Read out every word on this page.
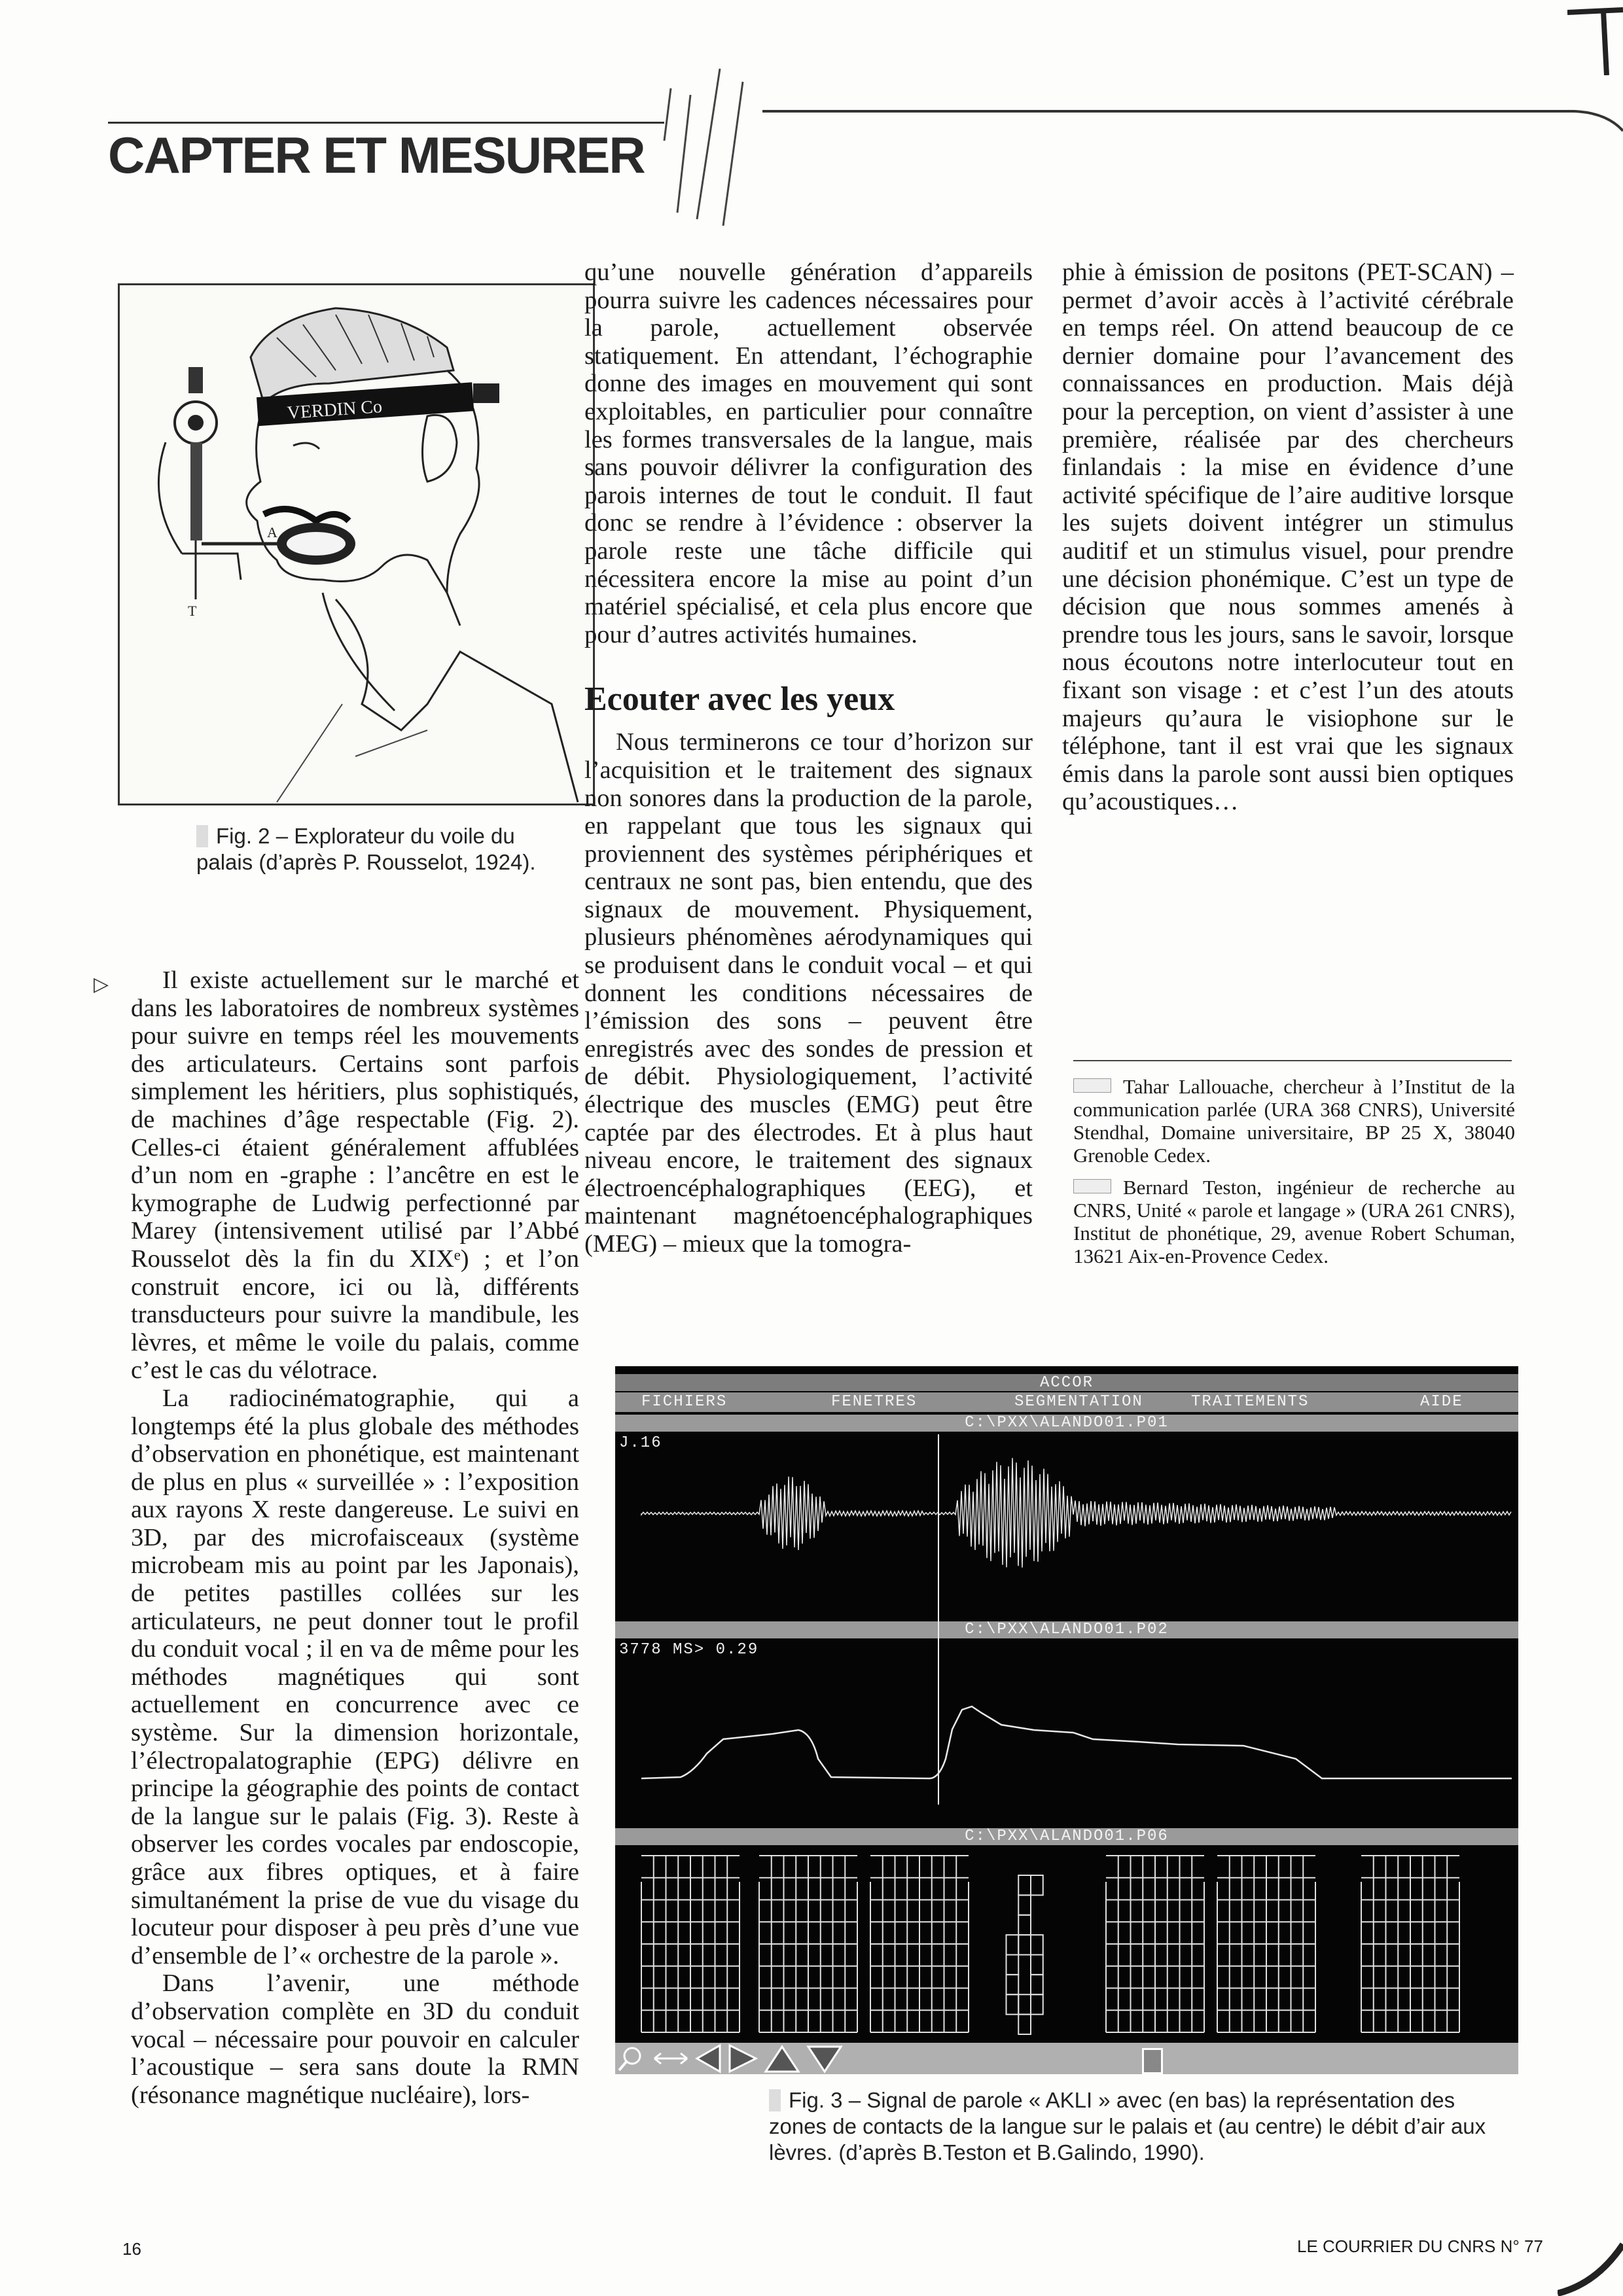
CAPTER ET MESURER
VERDIN Co
A
T
Fig. 2 – Explorateur du voile du palais (d’après P. Rousselot, 1924).
▷	Il existe actuellement sur le marché et dans les laboratoires de nombreux systèmes pour suivre en temps réel les mouvements des articulateurs. Certains sont parfois simplement les héritiers, plus sophistiqués, de machines d’âge respectable (Fig. 2). Celles-ci étaient généralement affublées d’un nom en -graphe : l’ancêtre en est le kymographe de Ludwig perfectionné par Marey (intensivement utilisé par l’Abbé Rousselot dès la fin du XIXᵉ) ; et l’on construit encore, ici ou là, différents transducteurs pour suivre la mandibule, les lèvres, et même le voile du palais, comme c’est le cas du vélotrace.

La radiocinématographie, qui a longtemps été la plus globale des méthodes d’observation en phonétique, est maintenant de plus en plus « surveillée » : l’exposition aux rayons X reste dangereuse. Le suivi en 3D, par des microfaisceaux (système microbeam mis au point par les Japonais), de petites pastilles collées sur les articulateurs, ne peut donner tout le profil du conduit vocal ; il en va de même pour les méthodes magnétiques qui sont actuellement en concurrence avec ce système. Sur la dimension horizontale, l’électropalatographie (EPG) délivre en principe la géographie des points de contact de la langue sur le palais (Fig. 3). Reste à observer les cordes vocales par endoscopie, grâce aux fibres optiques, et à faire simultanément la prise de vue du visage du locuteur pour disposer à peu près d’une vue d’ensemble de l’« orchestre de la parole ».

Dans l’avenir, une méthode d’observation complète en 3D du conduit vocal – nécessaire pour pouvoir en calculer l’acoustique – sera sans doute la RMN (résonance magnétique nucléaire), lors-

qu’une nouvelle génération d’appareils pourra suivre les cadences nécessaires pour la parole, actuellement observée statiquement. En attendant, l’échographie donne des images en mouvement qui sont exploitables, en particulier pour connaître les formes transversales de la langue, mais sans pouvoir délivrer la configuration des parois internes de tout le conduit. Il faut donc se rendre à l’évidence : observer la parole reste une tâche difficile qui nécessitera encore la mise au point d’un matériel spécialisé, et cela plus encore que pour d’autres activités humaines.

Ecouter avec les yeux

Nous terminerons ce tour d’horizon sur l’acquisition et le traitement des signaux non sonores dans la production de la parole, en rappelant que tous les signaux qui proviennent des systèmes périphériques et centraux ne sont pas, bien entendu, que des signaux de mouvement. Physiquement, plusieurs phénomènes aérodynamiques qui se produisent dans le conduit vocal – et qui donnent les conditions nécessaires de l’émission des sons – peuvent être enregistrés avec des sondes de pression et de débit. Physiologiquement, l’activité électrique des muscles (EMG) peut être captée par des électrodes. Et à plus haut niveau encore, le traitement des signaux électroencéphalographiques (EEG), et maintenant magnétoencéphalographiques (MEG) – mieux que la tomogra-

phie à émission de positons (PET-SCAN) – permet d’avoir accès à l’activité cérébrale en temps réel. On attend beaucoup de ce dernier domaine pour l’avancement des connaissances en production. Mais déjà pour la perception, on vient d’assister à une première, réalisée par des chercheurs finlandais : la mise en évidence d’une activité spécifique de l’aire auditive lorsque les sujets doivent intégrer un stimulus auditif et un stimulus visuel, pour prendre une décision phonémique. C’est un type de décision que nous sommes amenés à prendre tous les jours, sans le savoir, lorsque nous écoutons notre interlocuteur tout en fixant son visage : et c’est l’un des atouts majeurs qu’aura le visiophone sur le téléphone, tant il est vrai que les signaux émis dans la parole sont aussi bien optiques qu’acoustiques…

Tahar Lallouache, chercheur à l’Institut de la communication parlée (URA 368 CNRS), Université Stendhal, Domaine universitaire, BP 25 X, 38040 Grenoble Cedex.
Bernard Teston, ingénieur de recherche au CNRS, Unité « parole et langage » (URA 261 CNRS), Institut de phonétique, 29, avenue Robert Schuman, 13621 Aix-en-Provence Cedex.
ACCOR
FICHIERS	FENETRES	SEGMENTATION	TRAITEMENTS	AIDE
C:\PXX\ALANDO01.P01
J.16
C:\PXX\ALANDO01.P02
3778 MS> 0.29
C:\PXX\ALANDO01.P06
Fig. 3 – Signal de parole « AKLI » avec (en bas) la représentation des zones de contacts de la langue sur le palais et (au centre) le débit d’air aux lèvres. (d’après B.Teston et B.Galindo, 1990).
16	LE COURRIER DU CNRS N° 77
